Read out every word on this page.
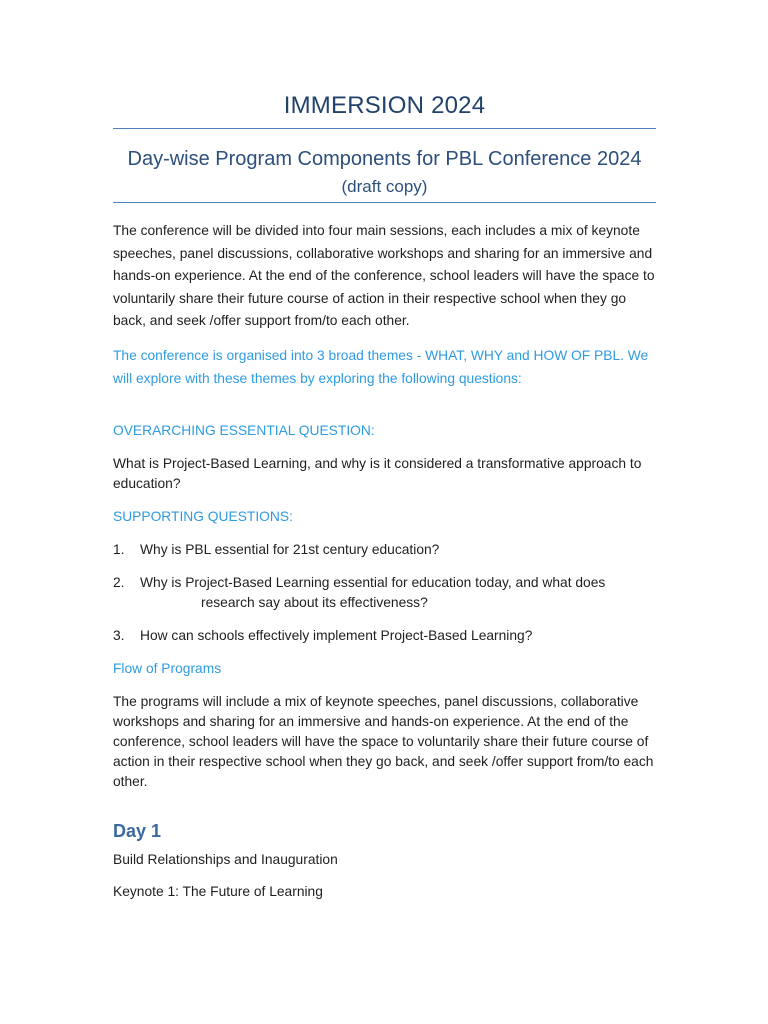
IMMERSION 2024
Day-wise Program Components for PBL Conference 2024
(draft copy)
The conference will be divided into four main sessions, each includes a mix of keynote speeches, panel discussions, collaborative workshops and sharing for an immersive and hands-on experience. At the end of the conference, school leaders will have the space to voluntarily share their future course of action in their respective school when they go back, and seek /offer support from/to each other.
The conference is organised into 3 broad themes - WHAT, WHY and HOW OF PBL. We will explore with these themes by exploring the following questions:
OVERARCHING ESSENTIAL QUESTION:
What is Project-Based Learning, and why is it considered a transformative approach to education?
SUPPORTING QUESTIONS:
1. Why is PBL essential for 21st century education?
2. Why is Project-Based Learning essential for education today, and what does
research say about its effectiveness?
3. How can schools effectively implement Project-Based Learning?
Flow of Programs
The programs will include a mix of keynote speeches, panel discussions, collaborative workshops and sharing for an immersive and hands-on experience. At the end of the conference, school leaders will have the space to voluntarily share their future course of action in their respective school when they go back, and seek /offer support from/to each other.
Day 1
Build Relationships and Inauguration
Keynote 1: The Future of Learning
